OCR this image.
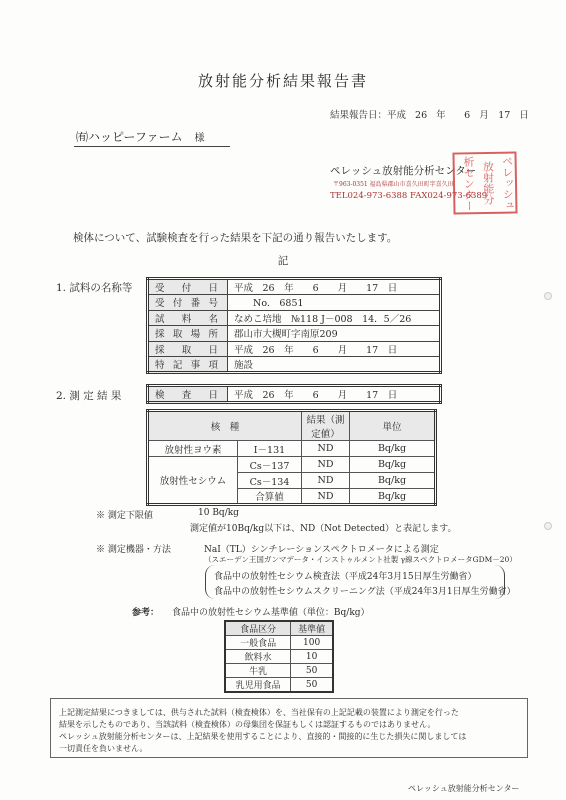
放射能分析結果報告書
結果報告日：平成 26 年　 6 月　17 日
㈲ハッピーファーム 様
ペレッシュ放射能分析センター
〒963-0351 福島県郡山市喜久田町字喜久田
TEL024-973-6388 FAX024-973-6389
析センター 放射能分 ペレッシュ
検体について、試験検査を行った結果を下記の通り報告いたします。
記
1. 試料の名称等 受付日	平成　26　年　　6　　月　　17　日
受付番号	　　No.　6851
試料名	なめこ培地　№118 J－008　14．5／26
採取場所	郡山市大槻町字南原209
採取日	平成　26　年　　6　　月　　17　日
特記事項	施設
2. 測 定 結 果	検査日	平成　26　年　　6　　月　　17　日
核　種		結果（測定値）	単位
放射性ヨウ素	I－131	ND	Bq/kg
放射性セシウム	Cs－137	ND	Bq/kg
	Cs－134	ND	Bq/kg
	合算値	ND	Bq/kg
※ 測定下限値	10 Bq/kg
測定値が10Bq/kg以下は、ND（Not Detected）と表記します。
※ 測定機器・方法	NaI（TL）シンチレーションスペクトロメータによる測定
（スエーデン王国ガンマデータ・インストゥルメント社製 γ線スペクトロメータGDM－20）
食品中の放射性セシウム検査法（平成24年3月15日厚生労働省）
食品中の放射性セシウムスクリーニング法（平成24年3月1日厚生労働省）
参考： 食品中の放射性セシウム基準値（単位：Bq/kg）
食品区分	基準値
一般食品	100
飲料水	10
牛乳	50
乳児用食品	50
上記測定結果につきましては、供与された試料（検査検体）を、当社保有の上記記載の装置により測定を行った
結果を示したものであり、当該試料（検査検体）の母集団を保証もしくは認証するものではありません。
ペレッシュ放射能分析センターは、上記結果を使用することにより、直接的・間接的に生じた損失に関しましては
一切責任を負いません。
ペレッシュ放射能分析センター
